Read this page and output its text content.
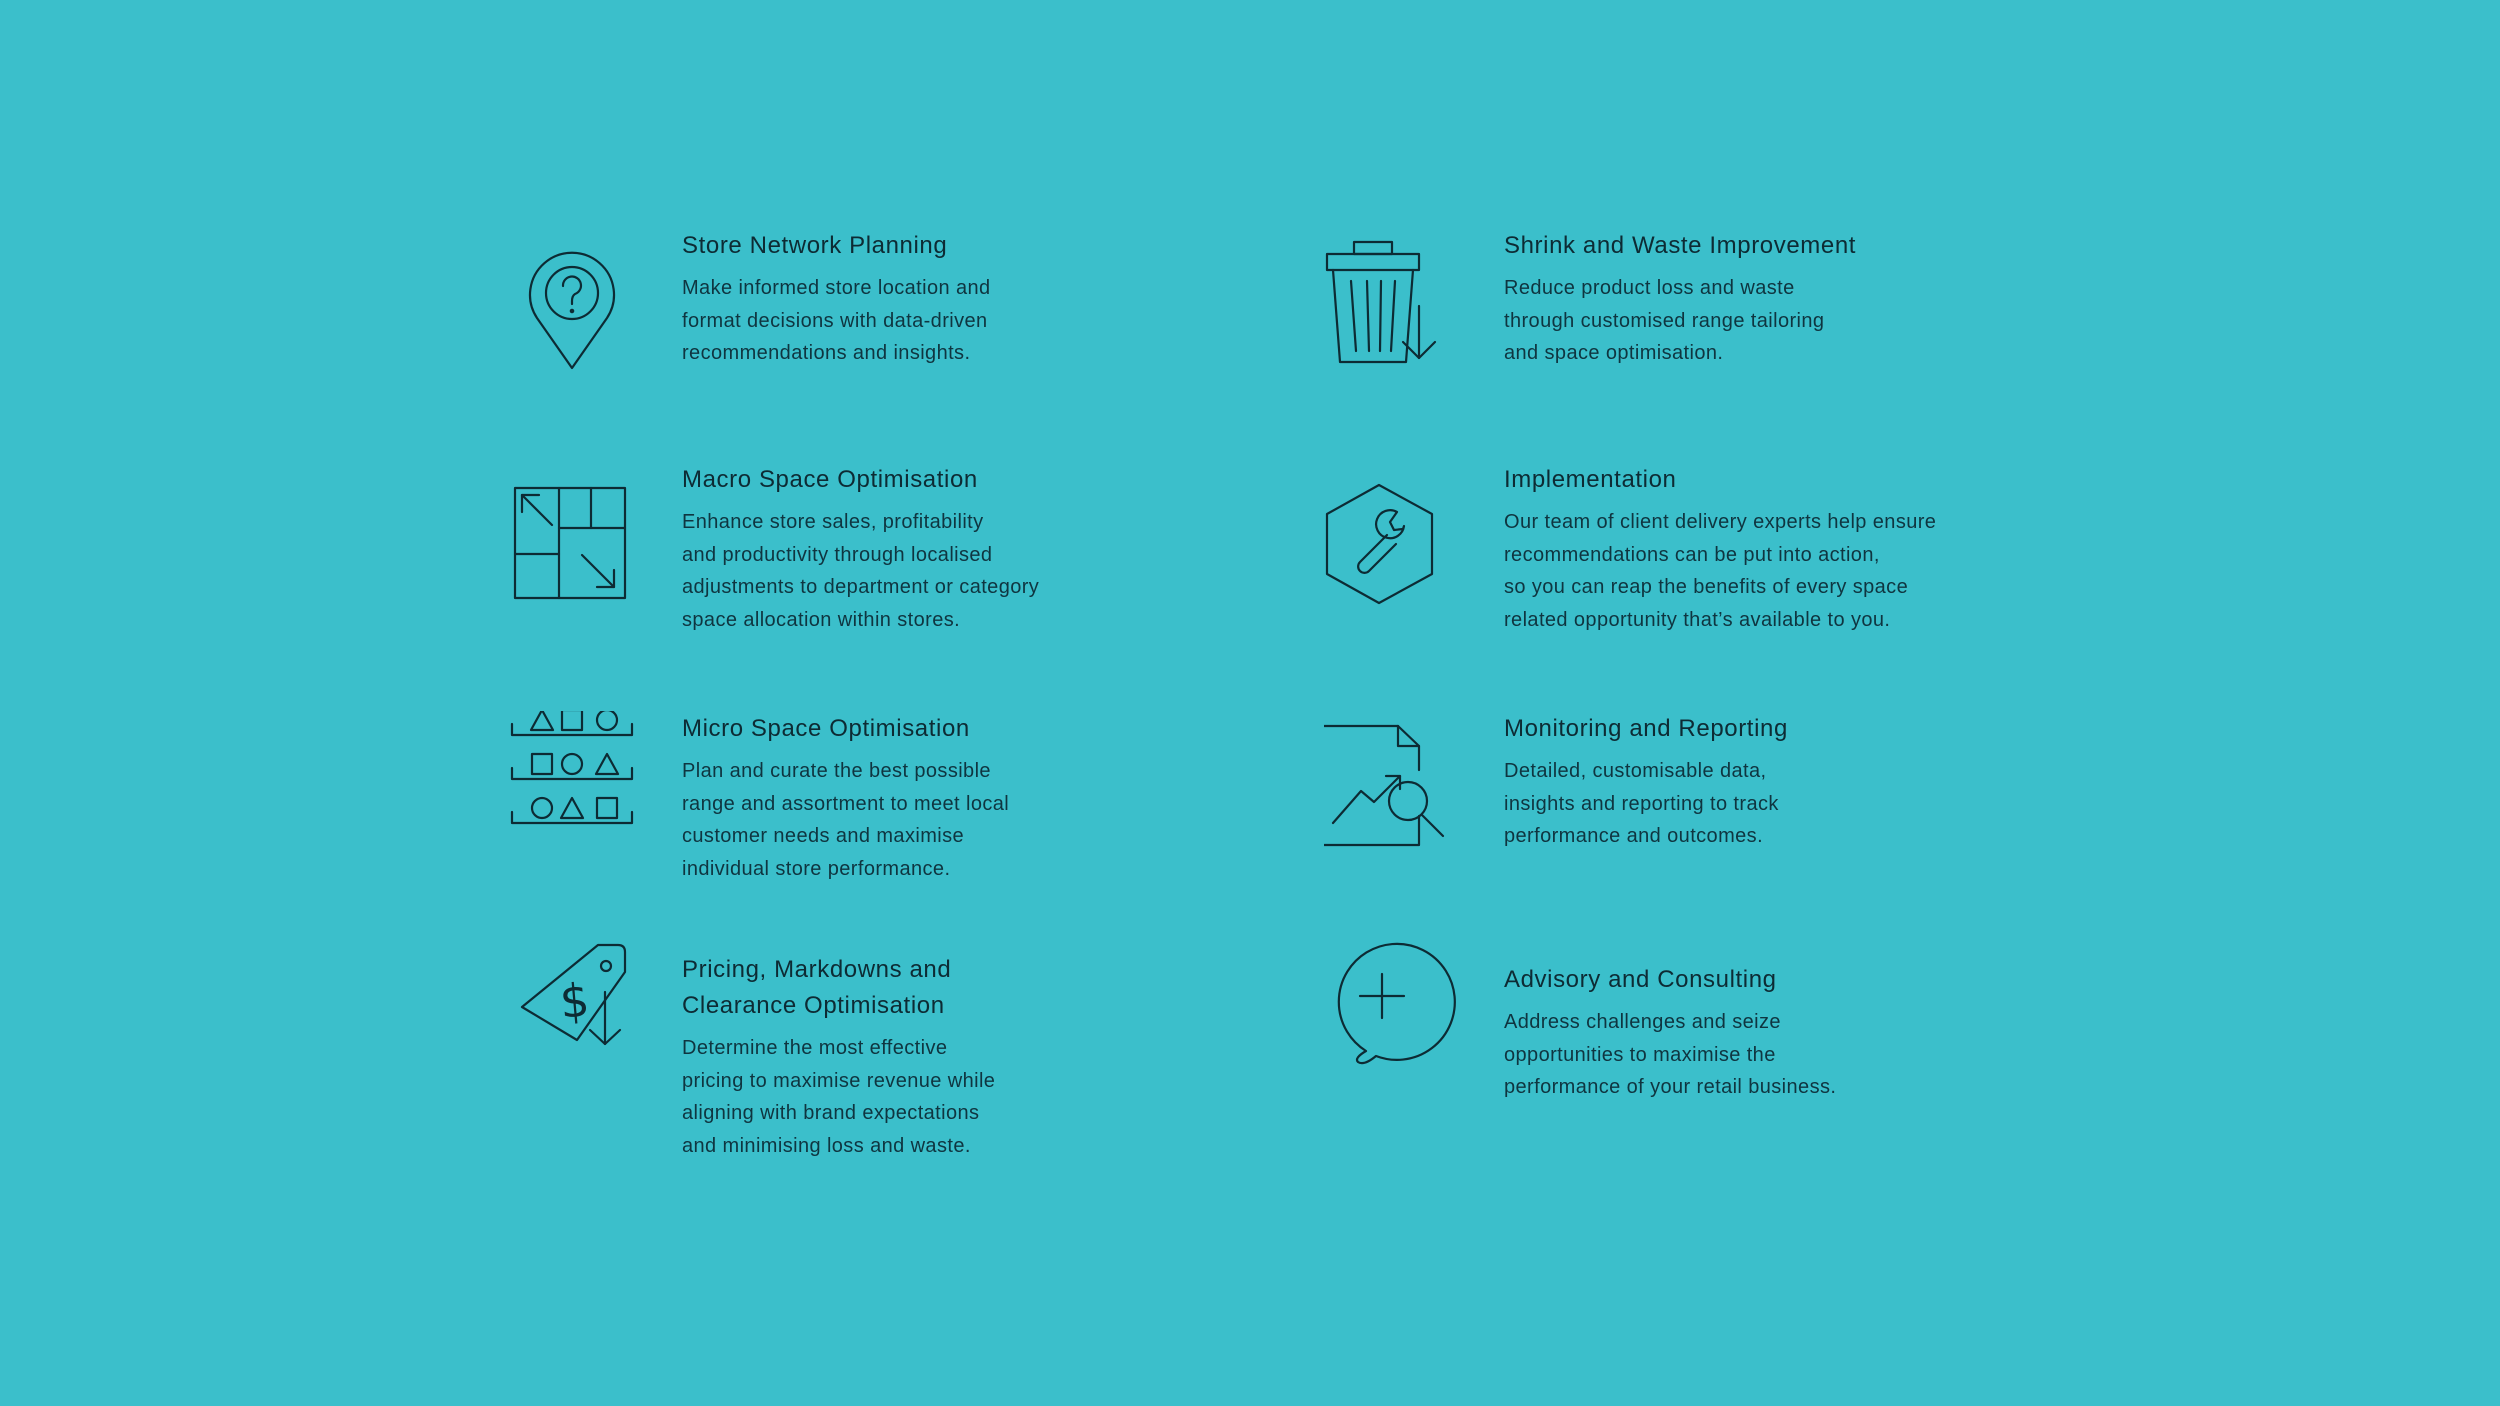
Store Network Planning

Make informed store location and
format decisions with data-driven
recommendations and insights.

Macro Space Optimisation

Enhance store sales, profitability
and productivity through localised
adjustments to department or category
space allocation within stores.

Micro Space Optimisation

Plan and curate the best possible
range and assortment to meet local
customer needs and maximise
individual store performance.

$
Pricing, Markdowns and
Clearance Optimisation

Determine the most effective
pricing to maximise revenue while
aligning with brand expectations
and minimising loss and waste.

Shrink and Waste Improvement

Reduce product loss and waste
through customised range tailoring
and space optimisation.

Implementation

Our team of client delivery experts help ensure
recommendations can be put into action,
so you can reap the benefits of every space
related opportunity that’s available to you.

Monitoring and Reporting

Detailed, customisable data,
insights and reporting to track
performance and outcomes.

Advisory and Consulting

Address challenges and seize
opportunities to maximise the
performance of your retail business.
